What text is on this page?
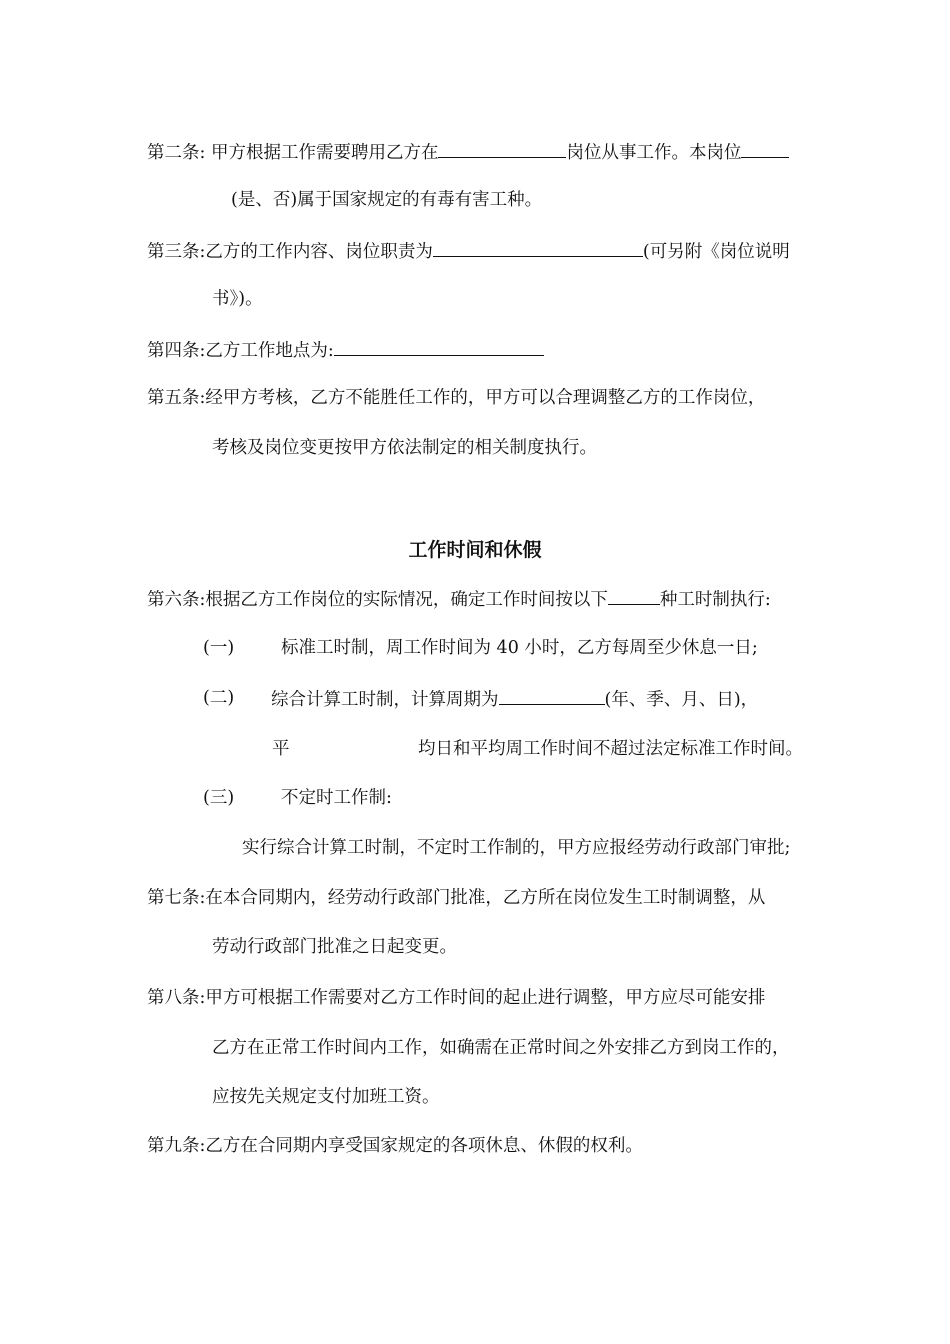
第二条: 甲方根据工作需要聘用乙方在	岗位从事工作。本岗位
(是、否)属于国家规定的有毒有害工种。
第三条:乙方的工作内容、岗位职责为	(可另附《岗位说明
书》)。
第四条:乙方工作地点为:
第五条:经甲方考核，乙方不能胜任工作的，甲方可以合理调整乙方的工作岗位，
考核及岗位变更按甲方依法制定的相关制度执行。
工作时间和休假
第六条:根据乙方工作岗位的实际情况，确定工作时间按以下	种工时制执行:
(一)	标准工时制，周工作时间为 40 小时，乙方每周至少休息一日;
(二) 综合计算工时制，计算周期为	(年、季、月、日)，
平	均日和平均周工作时间不超过法定标准工作时间。
(三)	不定时工作制:
实行综合计算工时制，不定时工作制的，甲方应报经劳动行政部门审批;
第七条:在本合同期内，经劳动行政部门批准，乙方所在岗位发生工时制调整，从
劳动行政部门批准之日起变更。
第八条:甲方可根据工作需要对乙方工作时间的起止进行调整，甲方应尽可能安排
乙方在正常工作时间内工作，如确需在正常时间之外安排乙方到岗工作的，
应按先关规定支付加班工资。
第九条:乙方在合同期内享受国家规定的各项休息、休假的权利。
